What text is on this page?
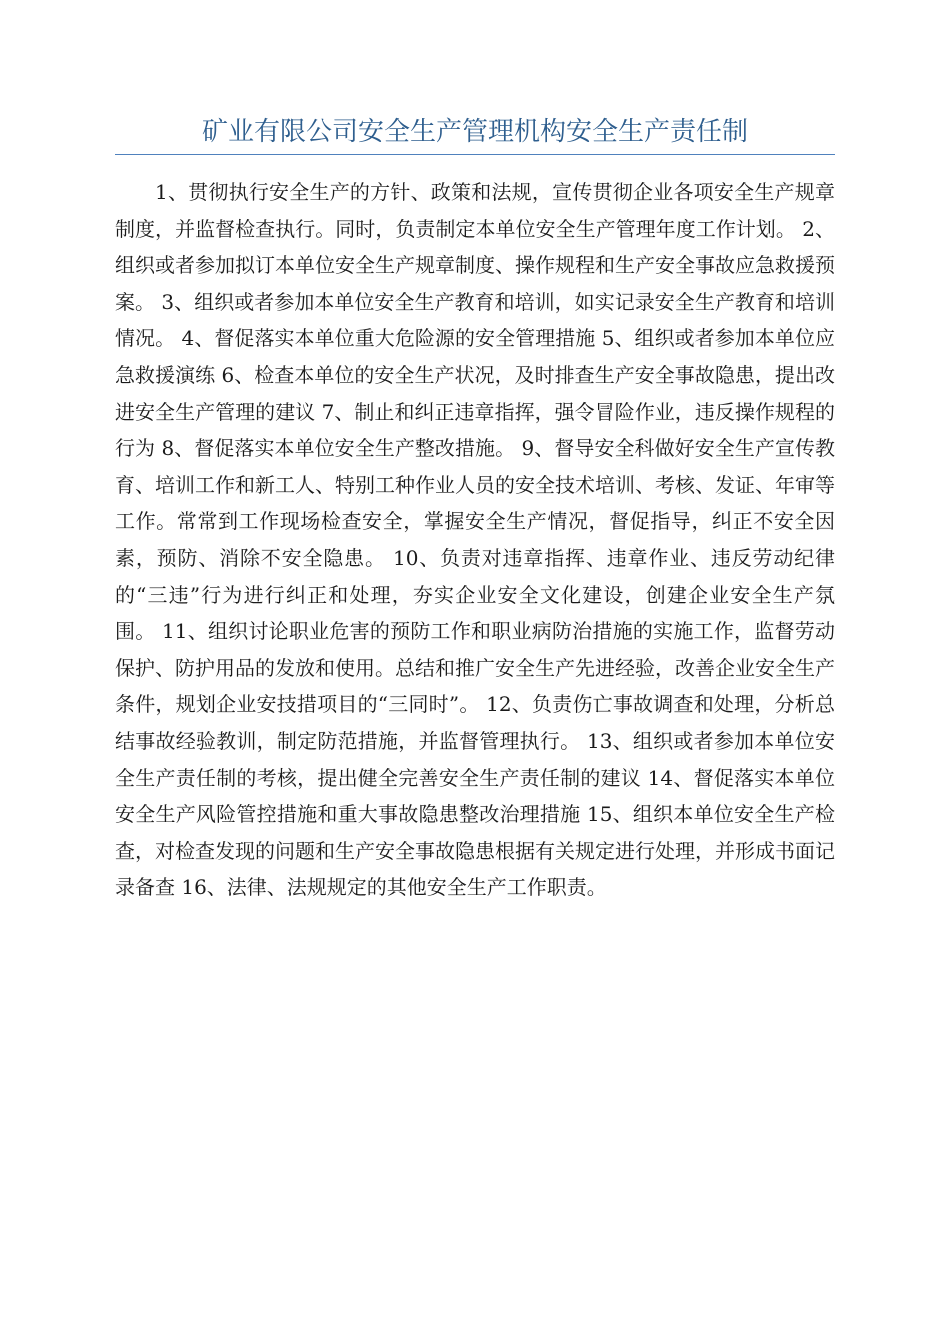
矿业有限公司安全生产管理机构安全生产责任制

1、贯彻执行安全生产的方针、政策和法规，宣传贯彻企业各项安全生产规章制度，并监督检查执行。同时，负责制定本单位安全生产管理年度工作计划。 2、组织或者参加拟订本单位安全生产规章制度、操作规程和生产安全事故应急救援预案。 3、组织或者参加本单位安全生产教育和培训，如实记录安全生产教育和培训情况。 4、督促落实本单位重大危险源的安全管理措施 5、组织或者参加本单位应急救援演练 6、检查本单位的安全生产状况，及时排查生产安全事故隐患，提出改进安全生产管理的建议 7、制止和纠正违章指挥，强令冒险作业，违反操作规程的行为 8、督促落实本单位安全生产整改措施。 9、督导安全科做好安全生产宣传教育、培训工作和新工人、特别工种作业人员的安全技术培训、考核、发证、年审等工作。常常到工作现场检查安全，掌握安全生产情况，督促指导，纠正不安全因素，预防、消除不安全隐患。 10、负责对违章指挥、违章作业、违反劳动纪律的“三违”行为进行纠正和处理，夯实企业安全文化建设，创建企业安全生产氛围。 11、组织讨论职业危害的预防工作和职业病防治措施的实施工作，监督劳动保护、防护用品的发放和使用。总结和推广安全生产先进经验，改善企业安全生产条件，规划企业安技措项目的“三同时”。 12、负责伤亡事故调查和处理，分析总结事故经验教训，制定防范措施，并监督管理执行。 13、组织或者参加本单位安全生产责任制的考核，提出健全完善安全生产责任制的建议 14、督促落实本单位安全生产风险管控措施和重大事故隐患整改治理措施 15、组织本单位安全生产检查，对检查发现的问题和生产安全事故隐患根据有关规定进行处理，并形成书面记录备查 16、法律、法规规定的其他安全生产工作职责。
